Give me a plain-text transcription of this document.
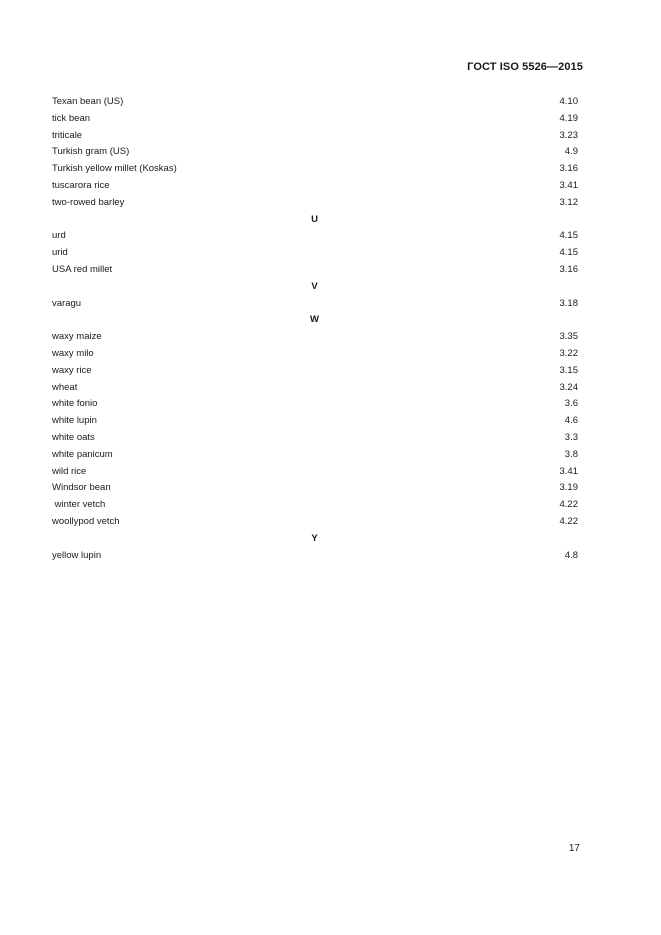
ГОСТ ISO 5526—2015
Texan bean (US)	4.10
tick bean	4.19
triticale	3.23
Turkish gram (US)	4.9
Turkish yellow millet (Koskas)	3.16
tuscarora rice	3.41
two-rowed barley	3.12
U
urd	4.15
urid	4.15
USA red millet	3.16
V
varagu	3.18
W
waxy maize	3.35
waxy milo	3.22
waxy rice	3.15
wheat	3.24
white fonio	3.6
white lupin	4.6
white oats	3.3
white panicum	3.8
wild rice	3.41
Windsor bean	3.19
winter vetch	4.22
woollypod vetch	4.22
Y
yellow lupin	4.8
17
